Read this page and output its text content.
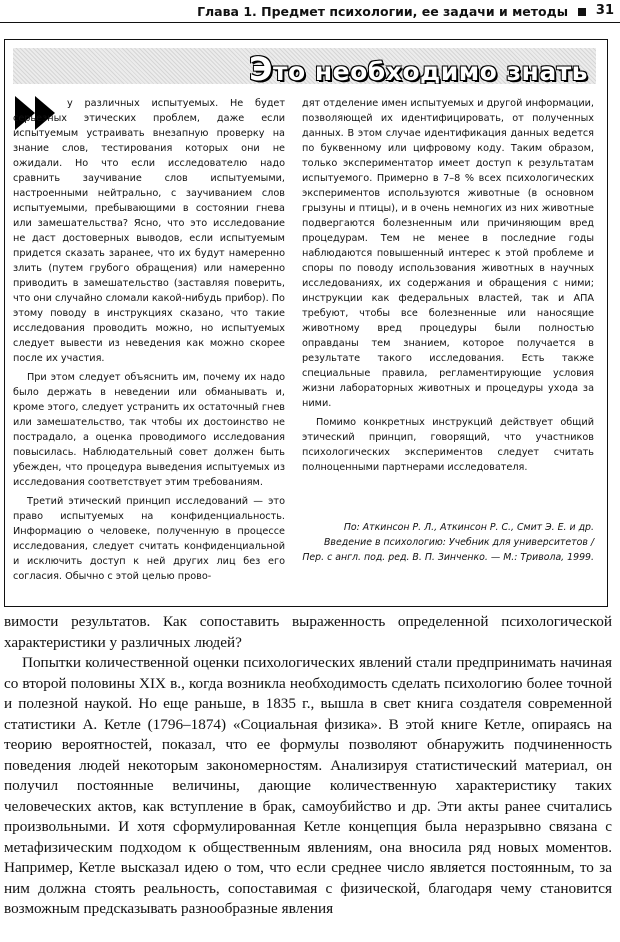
Глава 1. Предмет психологии, ее задачи и методы 31
Это необходимо знать

у различных испытуемых. Не будет серьезных этических проблем, даже если испытуемым устраивать внезапную проверку на знание слов, тестирования которых они не ожидали. Но что если исследователю надо сравнить заучивание слов испытуемыми, настроенными нейтрально, с заучиванием слов испытуемыми, пребывающими в состоянии гнева или замешательства? Ясно, что это исследование не даст достоверных выводов, если испытуемым придется сказать заранее, что их будут намеренно злить (путем грубого обращения) или намеренно приводить в замешательство (заставляя поверить, что они случайно сломали какой-нибудь прибор). По этому поводу в инструкциях сказано, что такие исследования проводить можно, но испытуемых следует вывести из неведения как можно скорее после их участия.

При этом следует объяснить им, почему их надо было держать в неведении или обманывать и, кроме этого, следует устранить их остаточный гнев или замешательство, так чтобы их достоинство не пострадало, а оценка проводимого исследования повысилась. Наблюдательный совет должен быть убежден, что процедура выведения испытуемых из исследования соответствует этим требованиям.

Третий этический принцип исследований — это право испытуемых на конфиденциальность. Информацию о человеке, полученную в процессе исследования, следует считать конфиденциальной и исключить доступ к ней других лиц без его согласия. Обычно с этой целью прово-

дят отделение имен испытуемых и другой информации, позволяющей их идентифицировать, от полученных данных. В этом случае идентификация данных ведется по буквенному или цифровому коду. Таким образом, только экспериментатор имеет доступ к результатам испытуемого. Примерно в 7–8 % всех психологических экспериментов используются животные (в основном грызуны и птицы), и в очень немногих из них животные подвергаются болезненным или причиняющим вред процедурам. Тем не менее в последние годы наблюдаются повышенный интерес к этой проблеме и споры по поводу использования животных в научных исследованиях, их содержания и обращения с ними; инструкции как федеральных властей, так и АПА требуют, чтобы все болезненные или наносящие животному вред процедуры были полностью оправданы тем знанием, которое получается в результате такого исследования. Есть также специальные правила, регламентирующие условия жизни лабораторных животных и процедуры ухода за ними.

Помимо конкретных инструкций действует общий этический принцип, говорящий, что участников психологических экспериментов следует считать полноценными партнерами исследователя.

По: Аткинсон Р. Л., Аткинсон Р. С., Смит Э. Е. и др. Введение в психологию: Учебник для университетов / Пер. с англ. под. ред. В. П. Зинченко. — М.: Тривола, 1999.

вимости результатов. Как сопоставить выраженность определенной психологической характеристики у различных людей?

Попытки количественной оценки психологических явлений стали предпринимать начиная со второй половины XIX в., когда возникла необходимость сделать психологию более точной и полезной наукой. Но еще раньше, в 1835 г., вышла в свет книга создателя современной статистики А. Кетле (1796–1874) «Социальная физика». В этой книге Кетле, опираясь на теорию вероятностей, показал, что ее формулы позволяют обнаружить подчиненность поведения людей некоторым закономерностям. Анализируя статистический материал, он получил постоянные величины, дающие количественную характеристику таких человеческих актов, как вступление в брак, самоубийство и др. Эти акты ранее считались произвольными. И хотя сформулированная Кетле концепция была неразрывно связана с метафизическим подходом к общественным явлениям, она вносила ряд новых моментов. Например, Кетле высказал идею о том, что если среднее число является постоянным, то за ним должна стоять реальность, сопоставимая с физической, благодаря чему становится возможным предсказывать разнообразные явления
